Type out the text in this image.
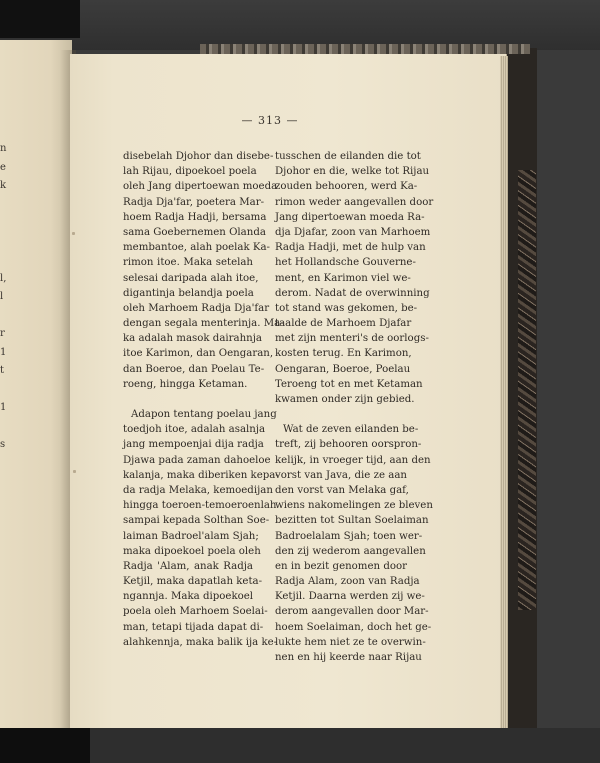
n
e
k
l,
l
r
1
t
1
s
— 313 —
disebelah Djohor dan disebe-
lah Rijau, dipoekoel poela
oleh Jang dipertoewan moeda
Radja Dja'far, poetera Mar-
hoem Radja Hadji, bersama
sama Goebernemen Olanda
membantoe, alah poelak Ka-
rimon itoe. Maka setelah
selesai daripada alah itoe,
digantinja belandja poela
oleh Marhoem Radja Dja'far
dengan segala menterinja. Ma-
ka adalah masok dairahnja
itoe Karimon, dan Oengaran,
dan Boeroe, dan Poelau Te-
roeng, hingga Ketaman.
Adapon tentang poelau jang
toedjoh itoe, adalah asalnja
jang mempoenjai dija radja
Djawa pada zaman dahoeloe
kalanja, maka diberiken kepa-
da radja Melaka, kemoedijan
hingga toeroen-temoeroenlah
sampai kepada Solthan Soe-
laiman Badroel'alam Sjah;
maka dipoekoel poela oleh
Radja 'Alam, anak Radja
Ketjil, maka dapatlah keta-
ngannja. Maka dipoekoel
poela oleh Marhoem Soelai-
man, tetapi tijada dapat di-
alahkennja, maka balik ija ke-
tusschen de eilanden die tot
Djohor en die, welke tot Rijau
zouden behooren, werd Ka-
rimon weder aangevallen door
Jang dipertoewan moeda Ra-
dja Djafar, zoon van Marhoem
Radja Hadji, met de hulp van
het Hollandsche Gouverne-
ment, en Karimon viel we-
derom. Nadat de overwinning
tot stand was gekomen, be-
taalde de Marhoem Djafar
met zijn menteri's de oorlogs-
kosten terug. En Karimon,
Oengaran, Boeroe, Poelau
Teroeng tot en met Ketaman
kwamen onder zijn gebied.
Wat de zeven eilanden be-
treft, zij behooren oorspron-
kelijk, in vroeger tijd, aan den
vorst van Java, die ze aan
den vorst van Melaka gaf,
wiens nakomelingen ze bleven
bezitten tot Sultan Soelaiman
Badroelalam Sjah; toen wer-
den zij wederom aangevallen
en in bezit genomen door
Radja Alam, zoon van Radja
Ketjil. Daarna werden zij we-
derom aangevallen door Mar-
hoem Soelaiman, doch het ge-
lukte hem niet ze te overwin-
nen en hij keerde naar Rijau
